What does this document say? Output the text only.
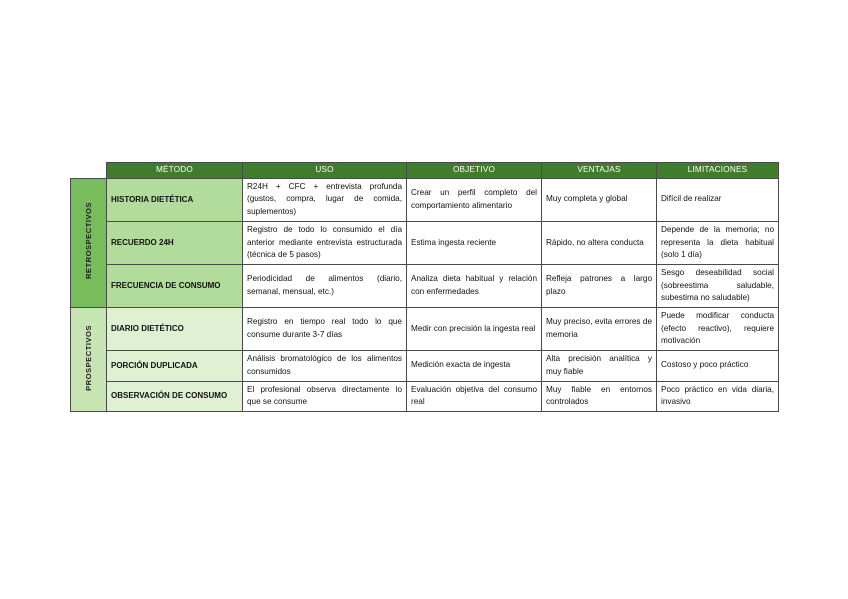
	MÉTODO	USO	OBJETIVO	VENTAJAS	LIMITACIONES
RETROSPECTIVOS	HISTORIA DIETÉTICA	R24H + CFC + entrevista profunda (gustos, compra, lugar de comida, suplementos)	Crear un perfil completo del comportamiento alimentario	Muy completa y global	Difícil de realizar
	RECUERDO 24H	Registro de todo lo consumido el día anterior mediante entrevista estructurada (técnica de 5 pasos)	Estima ingesta reciente	Rápido, no altera conducta	Depende de la memoria; no representa la dieta habitual (solo 1 día)
	FRECUENCIA DE CONSUMO	Periodicidad de alimentos (diario, semanal, mensual, etc.)	Analiza dieta habitual y relación con enfermedades	Refleja patrones a largo plazo	Sesgo deseabilidad social (sobreestima saludable, subestima no saludable)
PROSPECTIVOS	DIARIO DIETÉTICO	Registro en tiempo real todo lo que consume durante 3-7 días	Medir con precisión la ingesta real	Muy preciso, evita errores de memoria	Puede modificar conducta (efecto reactivo), requiere motivación
	PORCIÓN DUPLICADA	Análisis bromatológico de los alimentos consumidos	Medición exacta de ingesta	Alta precisión analítica y muy fiable	Costoso y poco práctico
	OBSERVACIÓN DE CONSUMO	El profesional observa directamente lo que se consume	Evaluación objetiva del consumo real	Muy fiable en entornos controlados	Poco práctico en vida diaria, invasivo
